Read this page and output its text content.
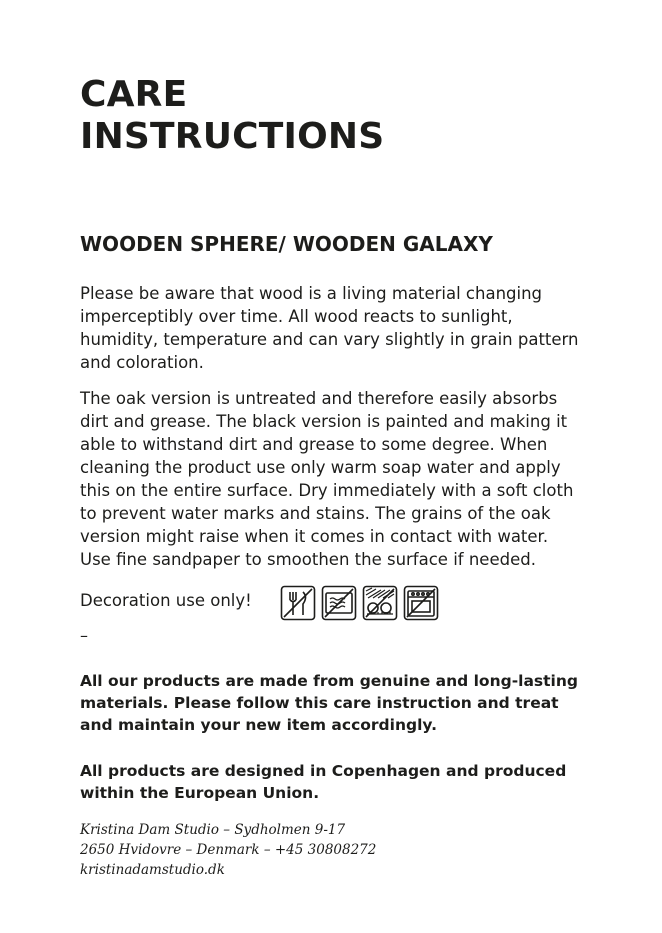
CARE
INSTRUCTIONS
WOODEN SPHERE/ WOODEN GALAXY

Please be aware that wood is a living material changing
imperceptibly over time. All wood reacts to sunlight,
humidity, temperature and can vary slightly in grain pattern
and coloration.

The oak version is untreated and therefore easily absorbs
dirt and grease. The black version is painted and making it
able to withstand dirt and grease to some degree. When
cleaning the product use only warm soap water and apply
this on the entire surface. Dry immediately with a soft cloth
to prevent water marks and stains. The grains of the oak
version might raise when it comes in contact with water.
Use fine sandpaper to smoothen the surface if needed.

Decoration use only!
–

All our products are made from genuine and long-lasting
materials. Please follow this care instruction and treat
and maintain your new item accordingly.

All products are designed in Copenhagen and produced
within the European Union.

Kristina Dam Studio – Sydholmen 9-17
2650 Hvidovre – Denmark – +45 30808272
kristinadamstudio.dk
